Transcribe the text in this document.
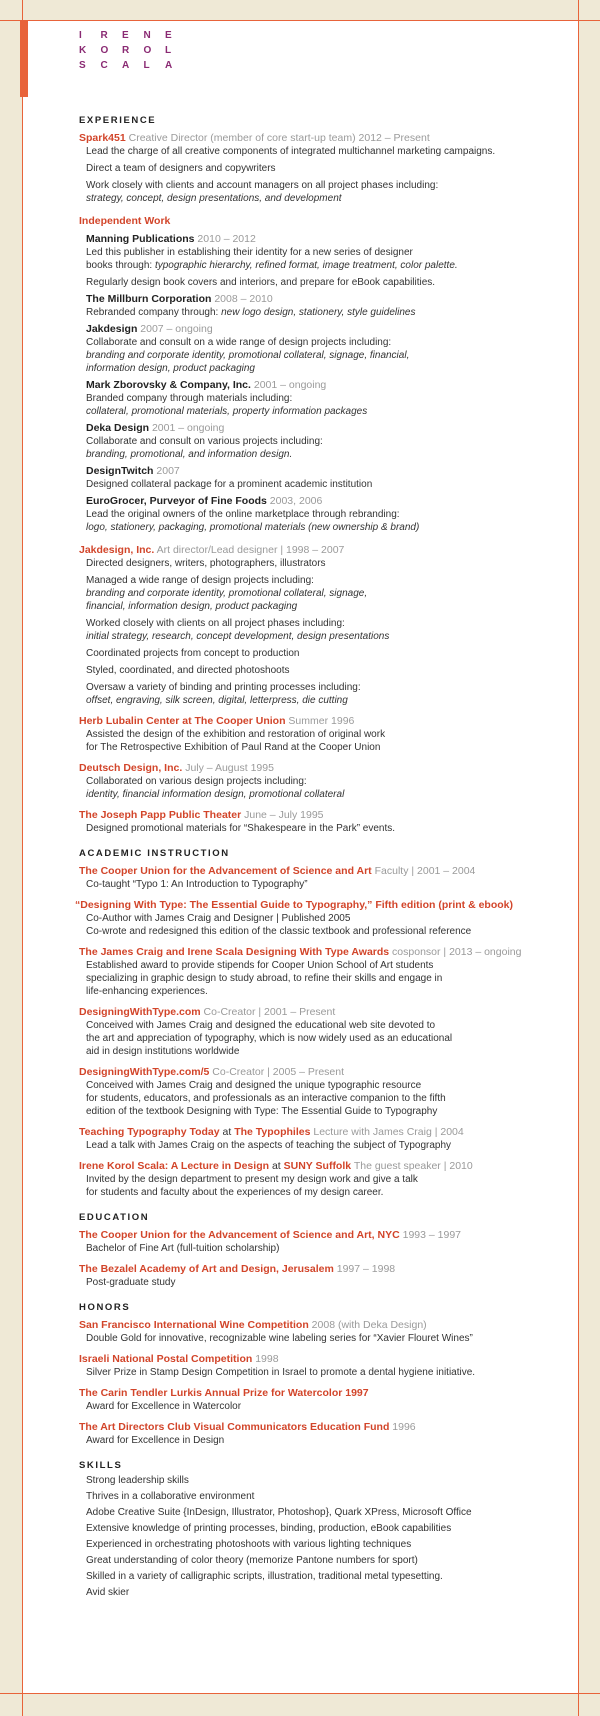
I	R	E	N	E
K	O	R	O	L
S	C	A	L	A
EXPERIENCE
Spark451 Creative Director (member of core start-up team) 2012 – Present
Lead the charge of all creative components of integrated multichannel marketing campaigns.
Direct a team of designers and copywriters
Work closely with clients and account managers on all project phases including:
strategy, concept, design presentations, and development
Independent Work
Manning Publications 2010 – 2012
Led this publisher in establishing their identity for a new series of designer
books through: typographic hierarchy, refined format, image treatment, color palette.
Regularly design book covers and interiors, and prepare for eBook capabilities.
The Millburn Corporation 2008 – 2010
Rebranded company through: new logo design, stationery, style guidelines
Jakdesign 2007 – ongoing
Collaborate and consult on a wide range of design projects including:
branding and corporate identity, promotional collateral, signage, financial,
information design, product packaging
Mark Zborovsky & Company, Inc. 2001 – ongoing
Branded company through materials including:
collateral, promotional materials, property information packages
Deka Design 2001 – ongoing
Collaborate and consult on various projects including:
branding, promotional, and information design.
DesignTwitch 2007
Designed collateral package for a prominent academic institution
EuroGrocer, Purveyor of Fine Foods 2003, 2006
Lead the original owners of the online marketplace through rebranding:
logo, stationery, packaging, promotional materials (new ownership & brand)
Jakdesign, Inc. Art director/Lead designer | 1998 – 2007
Directed designers, writers, photographers, illustrators
Managed a wide range of design projects including:
branding and corporate identity, promotional collateral, signage,
financial, information design, product packaging
Worked closely with clients on all project phases including:
initial strategy, research, concept development, design presentations
Coordinated projects from concept to production
Styled, coordinated, and directed photoshoots
Oversaw a variety of binding and printing processes including:
offset, engraving, silk screen, digital, letterpress, die cutting
Herb Lubalin Center at The Cooper Union Summer 1996
Assisted the design of the exhibition and restoration of original work
for The Retrospective Exhibition of Paul Rand at the Cooper Union
Deutsch Design, Inc. July – August 1995
Collaborated on various design projects including:
identity, financial information design, promotional collateral
The Joseph Papp Public Theater June – July 1995
Designed promotional materials for “Shakespeare in the Park” events.
ACADEMIC INSTRUCTION
The Cooper Union for the Advancement of Science and Art Faculty | 2001 – 2004
Co-taught “Typo 1: An Introduction to Typography”
“Designing With Type: The Essential Guide to Typography,” Fifth edition (print & ebook)
Co-Author with James Craig and Designer | Published 2005
Co-wrote and redesigned this edition of the classic textbook and professional reference
The James Craig and Irene Scala Designing With Type Awards cosponsor | 2013 – ongoing
Established award to provide stipends for Cooper Union School of Art students
specializing in graphic design to study abroad, to refine their skills and engage in
life-enhancing experiences.
DesigningWithType.com Co-Creator | 2001 – Present
Conceived with James Craig and designed the educational web site devoted to
the art and appreciation of typography, which is now widely used as an educational
aid in design institutions worldwide
DesigningWithType.com/5 Co-Creator | 2005 – Present
Conceived with James Craig and designed the unique typographic resource
for students, educators, and professionals as an interactive companion to the fifth
edition of the textbook Designing with Type: The Essential Guide to Typography
Teaching Typography Today at The Typophiles Lecture with James Craig | 2004
Lead a talk with James Craig on the aspects of teaching the subject of Typography
Irene Korol Scala: A Lecture in Design at SUNY Suffolk The guest speaker | 2010
Invited by the design department to present my design work and give a talk
for students and faculty about the experiences of my design career.
EDUCATION
The Cooper Union for the Advancement of Science and Art, NYC 1993 – 1997
Bachelor of Fine Art (full-tuition scholarship)
The Bezalel Academy of Art and Design, Jerusalem 1997 – 1998
Post-graduate study
HONORS
San Francisco International Wine Competition 2008 (with Deka Design)
Double Gold for innovative, recognizable wine labeling series for “Xavier Flouret Wines”
Israeli National Postal Competition 1998
Silver Prize in Stamp Design Competition in Israel to promote a dental hygiene initiative.
The Carin Tendler Lurkis Annual Prize for Watercolor 1997
Award for Excellence in Watercolor
The Art Directors Club Visual Communicators Education Fund 1996
Award for Excellence in Design
SKILLS
Strong leadership skills
Thrives in a collaborative environment
Adobe Creative Suite {InDesign, Illustrator, Photoshop}, Quark XPress, Microsoft Office
Extensive knowledge of printing processes, binding, production, eBook capabilities
Experienced in orchestrating photoshoots with various lighting techniques
Great understanding of color theory (memorize Pantone numbers for sport)
Skilled in a variety of calligraphic scripts, illustration, traditional metal typesetting.
Avid skier
